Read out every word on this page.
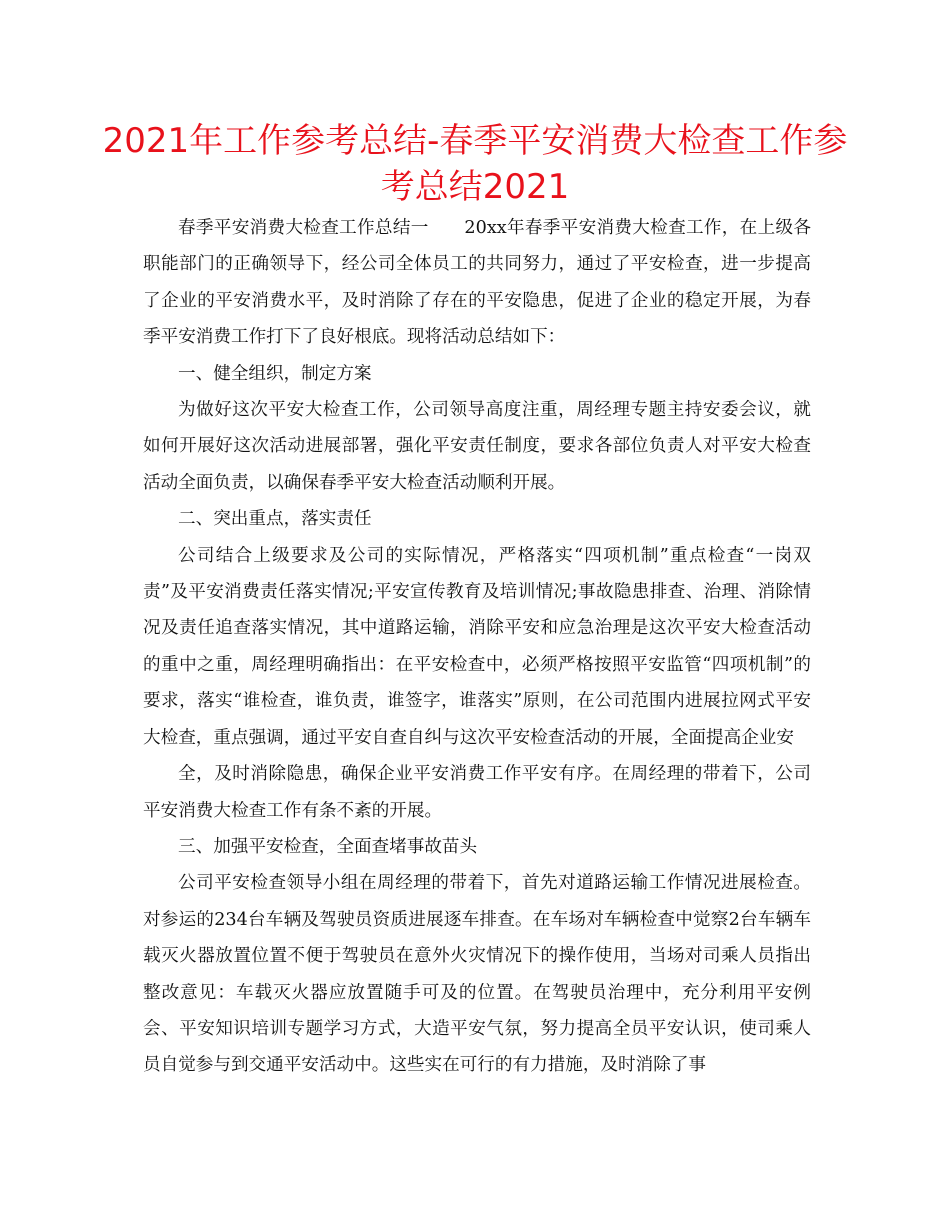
2021年工作参考总结-春季平安消费大检查工作参考总结2021

春季平安消费大检查工作总结一　　20xx年春季平安消费大检查工作，在上级各职能部门的正确领导下，经公司全体员工的共同努力，通过了平安检查，进一步提高了企业的平安消费水平，及时消除了存在的平安隐患，促进了企业的稳定开展，为春季平安消费工作打下了良好根底。现将活动总结如下：

一、健全组织，制定方案

为做好这次平安大检查工作，公司领导高度注重，周经理专题主持安委会议，就如何开展好这次活动进展部署，强化平安责任制度，要求各部位负责人对平安大检查活动全面负责，以确保春季平安大检查活动顺利开展。

二、突出重点，落实责任

公司结合上级要求及公司的实际情况，严格落实“四项机制”重点检查“一岗双责”及平安消费责任落实情况;平安宣传教育及培训情况;事故隐患排查、治理、消除情况及责任追查落实情况，其中道路运输，消除平安和应急治理是这次平安大检查活动的重中之重，周经理明确指出：在平安检查中，必须严格按照平安监管“四项机制”的要求，落实“谁检查，谁负责，谁签字，谁落实”原则，在公司范围内进展拉网式平安大检查，重点强调，通过平安自查自纠与这次平安检查活动的开展，全面提高企业安

全，及时消除隐患，确保企业平安消费工作平安有序。在周经理的带着下，公司平安消费大检查工作有条不紊的开展。

三、加强平安检查，全面查堵事故苗头

公司平安检查领导小组在周经理的带着下，首先对道路运输工作情况进展检查。对参运的234台车辆及驾驶员资质进展逐车排查。在车场对车辆检查中觉察2台车辆车载灭火器放置位置不便于驾驶员在意外火灾情况下的操作使用，当场对司乘人员指出整改意见：车载灭火器应放置随手可及的位置。在驾驶员治理中，充分利用平安例会、平安知识培训专题学习方式，大造平安气氛，努力提高全员平安认识，使司乘人员自觉参与到交通平安活动中。这些实在可行的有力措施，及时消除了事
